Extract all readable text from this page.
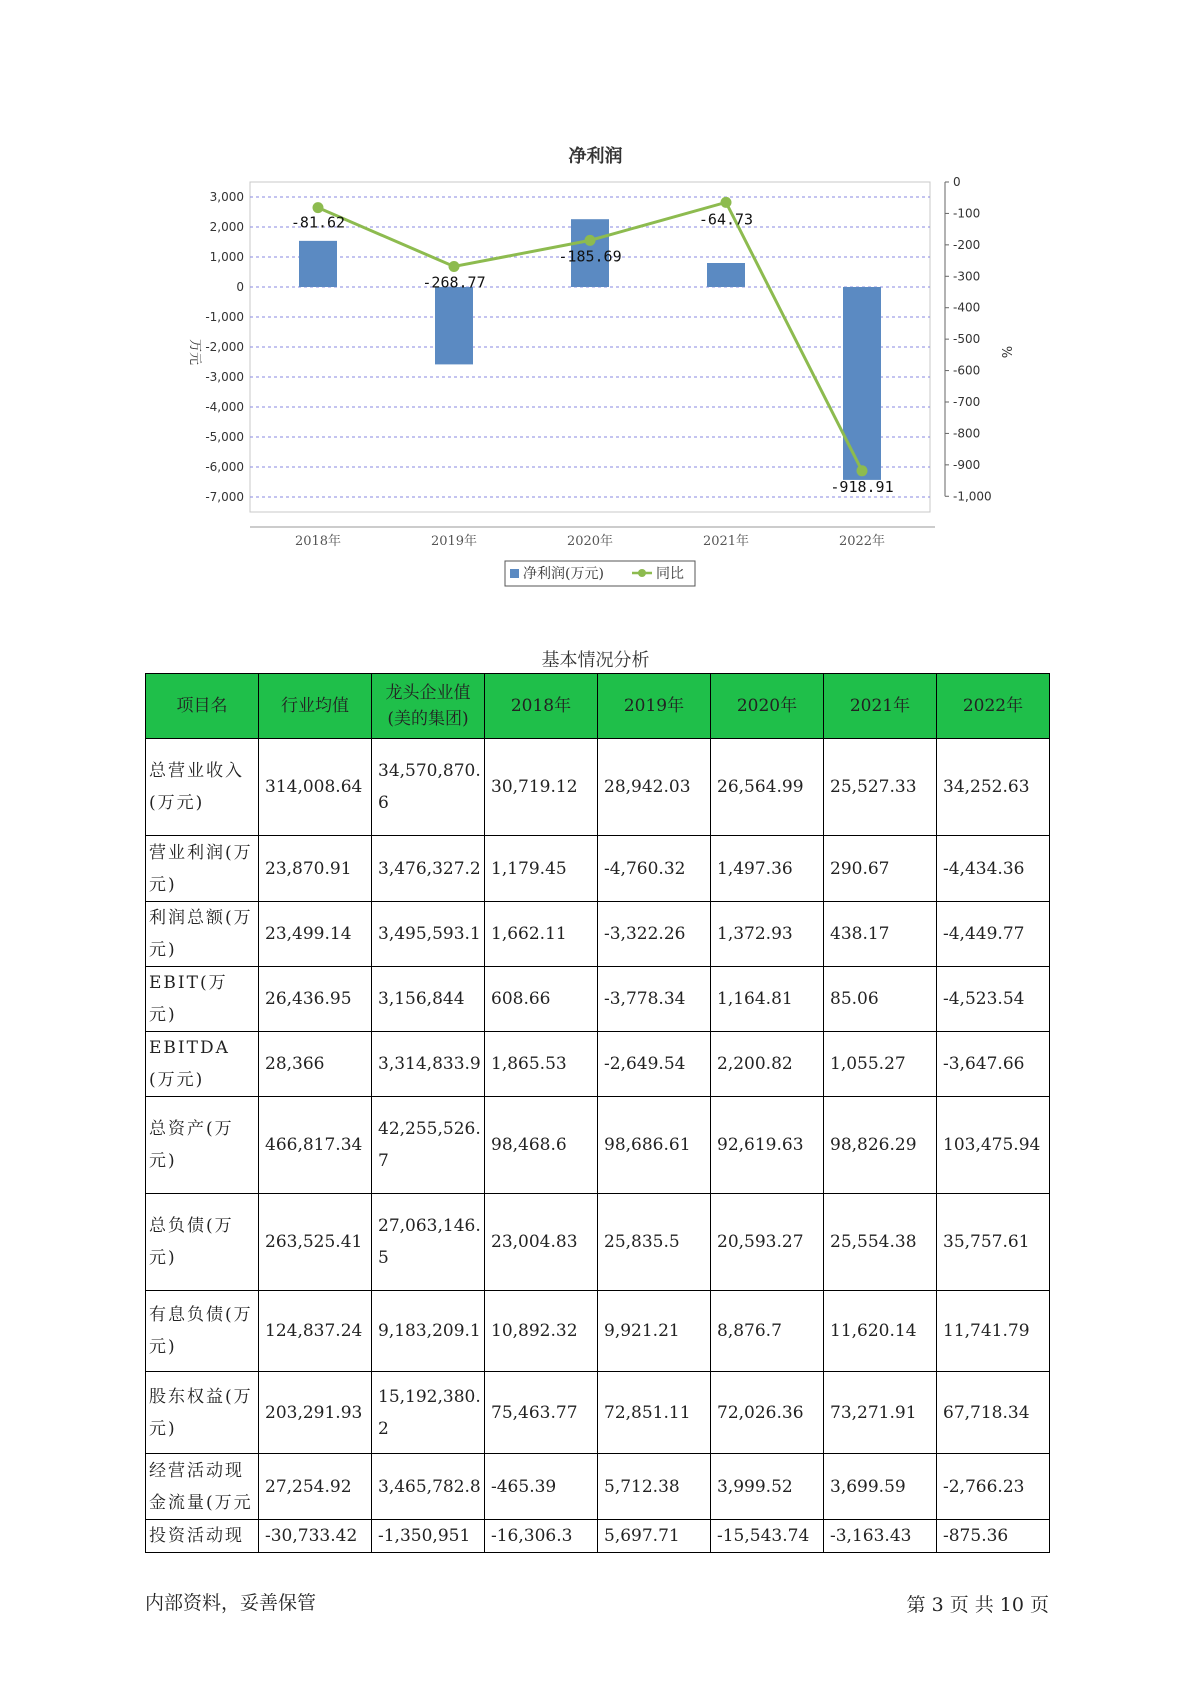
净利润
-81.62
-268.77
-185.69
-64.73
-918.91
3,000
2,000
1,000
0
-1,000
-2,000
-3,000
-4,000
-5,000
-6,000
-7,000
0
-100
-200
-300
-400
-500
-600
-700
-800
-900
-1,000
万元	%
2018年	2019年	2020年	2021年	2022年
净利润(万元)	同比
基本情况分析
项目名	行业均值	龙头企业值(美的集团)	2018年	2019年	2020年	2021年	2022年
总营业收入(万元)	314,008.64	34,570,870.6	30,719.12	28,942.03	26,564.99	25,527.33	34,252.63
营业利润(万元)	23,870.91	3,476,327.2	1,179.45	-4,760.32	1,497.36	290.67	-4,434.36
利润总额(万元)	23,499.14	3,495,593.1	1,662.11	-3,322.26	1,372.93	438.17	-4,449.77
EBIT(万元)	26,436.95	3,156,844	608.66	-3,778.34	1,164.81	85.06	-4,523.54
EBITDA(万元)	28,366	3,314,833.9	1,865.53	-2,649.54	2,200.82	1,055.27	-3,647.66
总资产(万元)	466,817.34	42,255,526.7	98,468.6	98,686.61	92,619.63	98,826.29	103,475.94
总负债(万元)	263,525.41	27,063,146.5	23,004.83	25,835.5	20,593.27	25,554.38	35,757.61
有息负债(万元)	124,837.24	9,183,209.1	10,892.32	9,921.21	8,876.7	11,620.14	11,741.79
股东权益(万元)	203,291.93	15,192,380.2	75,463.77	72,851.11	72,026.36	73,271.91	67,718.34
经营活动现金流量(万元	27,254.92	3,465,782.8	-465.39	5,712.38	3,999.52	3,699.59	-2,766.23
投资活动现	-30,733.42	-1,350,951	-16,306.3	5,697.71	-15,543.74	-3,163.43	-875.36
内部资料，妥善保管	第 3 页 共 10 页
